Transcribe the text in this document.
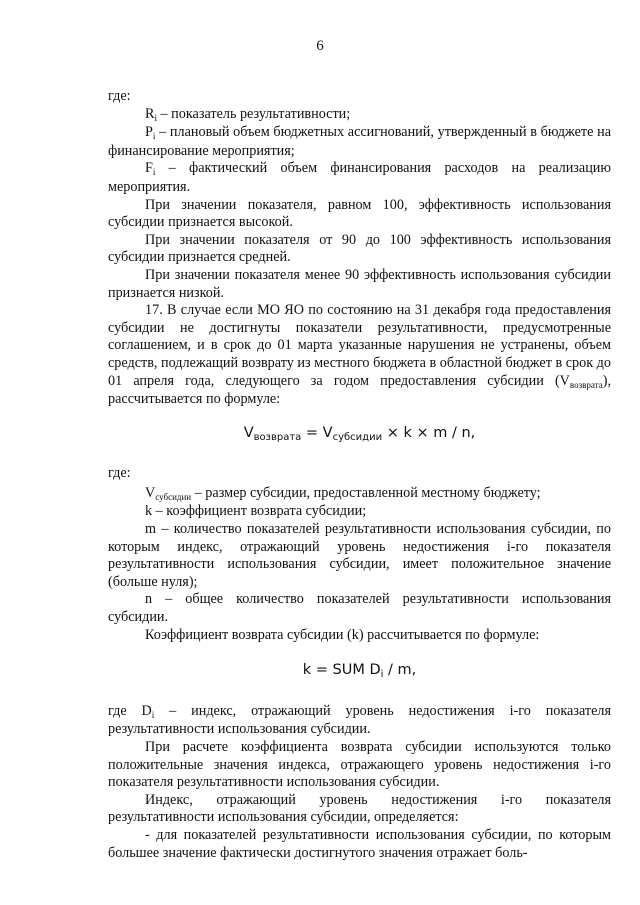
6

где:

$R_i$ – показатель результативности;

$P_i$ – плановый объем бюджетных ассигнований, утвержденный в бюджете на финансирование мероприятия;

$F_i$ – фактический объем финансирования расходов на реализацию мероприятия.

При значении показателя, равном 100, эффективность использования субсидии признается высокой.

При значении показателя от 90 до 100 эффективность использования субсидии признается средней.

При значении показателя менее 90 эффективность использования субсидии признается низкой.

17. В случае если МО ЯО по состоянию на 31 декабря года предоставления субсидии не достигнуты показатели результативности, предусмотренные соглашением, и в срок до 01 марта указанные нарушения не устранены, объем средств, подлежащий возврату из местного бюджета в областной бюджет в срок до 01 апреля года, следующего за годом предоставления субсидии $(V_{возврата})$, рассчитывается по формуле:

$V_{возврата} = V_{субсидии} \times k \times m / n$,

где:

$V_{субсидии}$ – размер субсидии, предоставленной местному бюджету;

k – коэффициент возврата субсидии;

m – количество показателей результативности использования субсидии, по которым индекс, отражающий уровень недостижения i-го показателя результативности использования субсидии, имеет положительное значение (больше нуля);

n – общее количество показателей результативности использования субсидии.

Коэффициент возврата субсидии (k) рассчитывается по формуле:

k = SUM $D_i$ / m,

где $D_i$ – индекс, отражающий уровень недостижения i-го показателя результативности использования субсидии.

При расчете коэффициента возврата субсидии используются только положительные значения индекса, отражающего уровень недостижения i-го показателя результативности использования субсидии.

Индекс, отражающий уровень недостижения i-го показателя результативности использования субсидии, определяется:

- для показателей результативности использования субсидии, по которым большее значение фактически достигнутого значения отражает боль-
